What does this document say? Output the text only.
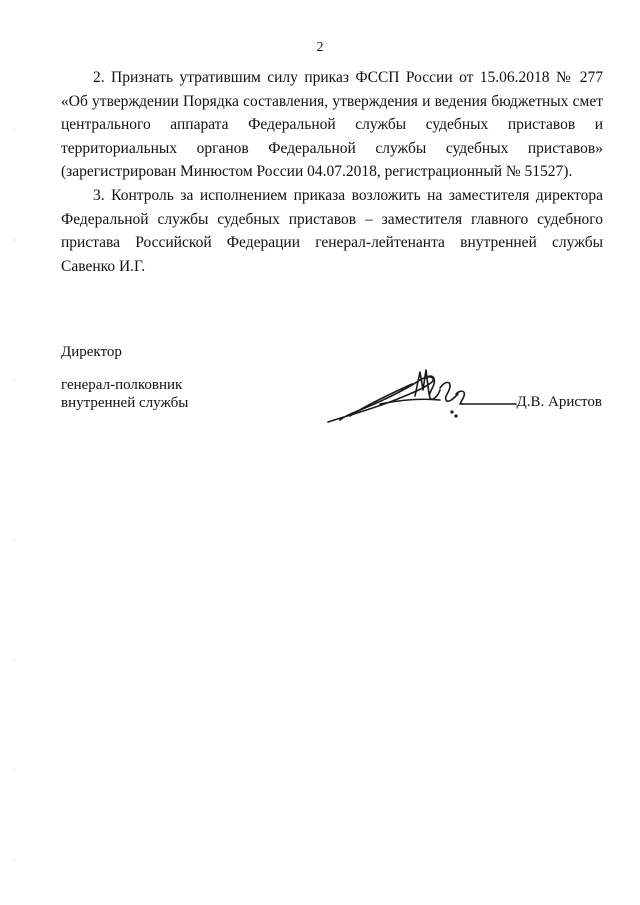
2

2. Признать утратившим силу приказ ФССП России от 15.06.2018 № 277 «Об утверждении Порядка составления, утверждения и ведения бюджетных смет центрального аппарата Федеральной службы судебных приставов и территориальных органов Федеральной службы судебных приставов» (зарегистрирован Минюстом России 04.07.2018, регистрационный № 51527).

3. Контроль за исполнением приказа возложить на заместителя директора Федеральной службы судебных приставов – заместителя главного судебного пристава Российской Федерации генерал-лейтенанта внутренней службы Савенко И.Г.

Директор
генерал-полковник
внутренней службы	Д.В. Аристов
